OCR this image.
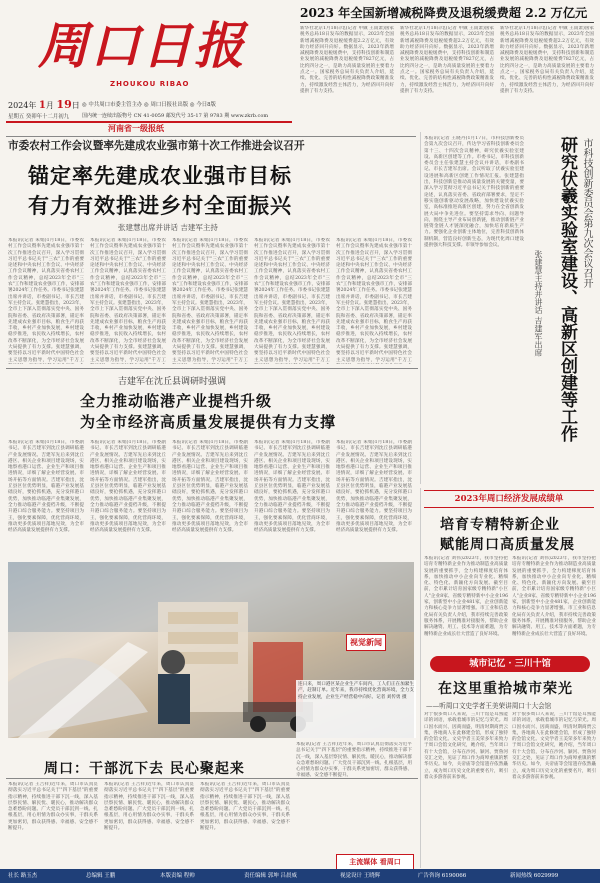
周口日报
ZHOUKOU RIBAO
2024年 1月 19日 ◎ 中共周口市委主管主办 ◎ 周口日报社出版 ◎ 今日8版
星期五 癸卯年十二月初九	国内统一连续出版物号 CN 41-0059 邮发代号 35-17 第 9783 期 www.zkrb.com
河南省一级报纸
2023 年全国新增减税降费及退税缓费超 2.2 万亿元
新华社北京1月18日电(记者 申铖 王雨萧)国家税务总局18日发布的数据显示，2023年全国新增减税降费及退税缓费超2.2万亿元，有效助力经济回升向好。数据显示，2023年新增减税降费及退税缓费中，支持科技创新和制造业发展的减税降费及退税缓费7827亿元，占比约四分之一，是助力高质量发展的主要着力点之一。国家税务总局有关负责人介绍，延续、优化、完善的结构性减税降费政策精准发力，持续激发经营主体活力，为经济回升向好提供了有力支持。
新华社北京1月18日电(记者 申铖 王雨萧)国家税务总局18日发布的数据显示，2023年全国新增减税降费及退税缓费超2.2万亿元，有效助力经济回升向好。数据显示，2023年新增减税降费及退税缓费中，支持科技创新和制造业发展的减税降费及退税缓费7827亿元，占比约四分之一，是助力高质量发展的主要着力点之一。国家税务总局有关负责人介绍，延续、优化、完善的结构性减税降费政策精准发力，持续激发经营主体活力，为经济回升向好提供了有力支持。
新华社北京1月18日电(记者 申铖 王雨萧)国家税务总局18日发布的数据显示，2023年全国新增减税降费及退税缓费超2.2万亿元，有效助力经济回升向好。数据显示，2023年新增减税降费及退税缓费中，支持科技创新和制造业发展的减税降费及退税缓费7827亿元，占比约四分之一，是助力高质量发展的主要着力点之一。国家税务总局有关负责人介绍，延续、优化、完善的结构性减税降费政策精准发力，持续激发经营主体活力，为经济回升向好提供了有力支持。
市委农村工作会议暨率先建成农业强市第十次工作推进会议召开
锚定率先建成农业强市目标
有力有效推进乡村全面振兴
张建慧出席并讲话 吉建军主持
本报讯(记者 朱娟)1月18日，市委农村工作会议暨率先建成农业强市第十次工作推进会议召开，深入学习贯彻习近平总书记关于"三农"工作的重要论述和中央农村工作会议、中央经济工作会议精神，认真落实省委农村工作会议精神，总结2023年全市"三农"工作和建设农业强市工作，安排部署2024年工作任务。市委书记张建慧出席并讲话，市委副书记、市长吉建军主持会议。张建慧指出，2023年，全市上下深入贯彻落实党中央、国务院和省委、省政府决策部署，锚定率先建成农业强市目标，粮食生产再获丰收，乡村产业加快发展，乡村建设稳步推进，农民收入持续增长，农村改革不断深化，为全市经济社会发展大局提供了有力支撑。张建慧强调，要坚持以习近平新时代中国特色社会主义思想为指导，学习运用"千万工
本报讯(记者 朱娟)1月18日，市委农村工作会议暨率先建成农业强市第十次工作推进会议召开，深入学习贯彻习近平总书记关于"三农"工作的重要论述和中央农村工作会议、中央经济工作会议精神，认真落实省委农村工作会议精神，总结2023年全市"三农"工作和建设农业强市工作，安排部署2024年工作任务。市委书记张建慧出席并讲话，市委副书记、市长吉建军主持会议。张建慧指出，2023年，全市上下深入贯彻落实党中央、国务院和省委、省政府决策部署，锚定率先建成农业强市目标，粮食生产再获丰收，乡村产业加快发展，乡村建设稳步推进，农民收入持续增长，农村改革不断深化，为全市经济社会发展大局提供了有力支撑。张建慧强调，要坚持以习近平新时代中国特色社会主义思想为指导，学习运用"千万工
本报讯(记者 朱娟)1月18日，市委农村工作会议暨率先建成农业强市第十次工作推进会议召开，深入学习贯彻习近平总书记关于"三农"工作的重要论述和中央农村工作会议、中央经济工作会议精神，认真落实省委农村工作会议精神，总结2023年全市"三农"工作和建设农业强市工作，安排部署2024年工作任务。市委书记张建慧出席并讲话，市委副书记、市长吉建军主持会议。张建慧指出，2023年，全市上下深入贯彻落实党中央、国务院和省委、省政府决策部署，锚定率先建成农业强市目标，粮食生产再获丰收，乡村产业加快发展，乡村建设稳步推进，农民收入持续增长，农村改革不断深化，为全市经济社会发展大局提供了有力支撑。张建慧强调，要坚持以习近平新时代中国特色社会主义思想为指导，学习运用"千万工
本报讯(记者 朱娟)1月18日，市委农村工作会议暨率先建成农业强市第十次工作推进会议召开，深入学习贯彻习近平总书记关于"三农"工作的重要论述和中央农村工作会议、中央经济工作会议精神，认真落实省委农村工作会议精神，总结2023年全市"三农"工作和建设农业强市工作，安排部署2024年工作任务。市委书记张建慧出席并讲话，市委副书记、市长吉建军主持会议。张建慧指出，2023年，全市上下深入贯彻落实党中央、国务院和省委、省政府决策部署，锚定率先建成农业强市目标，粮食生产再获丰收，乡村产业加快发展，乡村建设稳步推进，农民收入持续增长，农村改革不断深化，为全市经济社会发展大局提供了有力支撑。张建慧强调，要坚持以习近平新时代中国特色社会主义思想为指导，学习运用"千万工
本报讯(记者 朱娟)1月18日，市委农村工作会议暨率先建成农业强市第十次工作推进会议召开，深入学习贯彻习近平总书记关于"三农"工作的重要论述和中央农村工作会议、中央经济工作会议精神，认真落实省委农村工作会议精神，总结2023年全市"三农"工作和建设农业强市工作，安排部署2024年工作任务。市委书记张建慧出席并讲话，市委副书记、市长吉建军主持会议。张建慧指出，2023年，全市上下深入贯彻落实党中央、国务院和省委、省政府决策部署，锚定率先建成农业强市目标，粮食生产再获丰收，乡村产业加快发展，乡村建设稳步推进，农民收入持续增长，农村改革不断深化，为全市经济社会发展大局提供了有力支撑。张建慧强调，要坚持以习近平新时代中国特色社会主义思想为指导，学习运用"千万工
本报讯(记者 王晓丹)1月17日，市科技创新委员会第九次会议召开，传达学习省科技创新委员会第十三、十四次会议精神，研究伏羲实验室建设、高新区创建等工作。市委书记、市科技创新委员会主任张建慧主持会议并讲话，市委副书记、市长吉建军出席。会议听取了伏羲实验室建设进展和高新区创建工作情况汇报。张建慧指出，科技创新是推动高质量发展的关键变量，要深入学习贯彻习近平总书记关于科技创新的重要论述，认真落实省委、省政府部署要求，坚定不移实施创新驱动发展战略，加快建设伏羲实验室，高标准推进高新区创建，努力在全省创新发展大局中争先进位。要坚持需求导向、问题导向，围绕主导产业布局创新链，推动创新链产业链资金链人才链深度融合，加快培育新质生产力。要强化企业创新主体地位，完善科技创新体制机制，营造良好创新生态，为现代化周口建设提供强大科技支撑。市领导参加会议。	研究伏羲实验室建设、高新区创建等工作 市科技创新委员会第九次会议召开
张建慧主持并讲话 吉建军出席
吉建军在沈丘县调研时强调
全力推动临港产业提档升级
为全市经济高质量发展提供有力支撑
本报讯(记者 朱娟)1月18日，市委副书记、市长吉建军到沈丘县调研临港产业发展情况。吉建军先后来到沈丘港区、相关企业和项目建设现场，实地察看港口运营、企业生产和项目推进情况，详细了解企业经营发展、市场开拓等方面情况。吉建军指出，沈丘县区位优势明显，临港产业发展基础良好，要抢抓机遇，充分发挥港口优势，加快推动临港产业集聚发展，全力推动临港产业提档升级，不断提升港口综合服务能力。要坚持项目为王，强化要素保障，优化营商环境，推动更多优质项目落地见效，为全市经济高质量发展提供有力支撑。
本报讯(记者 朱娟)1月18日，市委副书记、市长吉建军到沈丘县调研临港产业发展情况。吉建军先后来到沈丘港区、相关企业和项目建设现场，实地察看港口运营、企业生产和项目推进情况，详细了解企业经营发展、市场开拓等方面情况。吉建军指出，沈丘县区位优势明显，临港产业发展基础良好，要抢抓机遇，充分发挥港口优势，加快推动临港产业集聚发展，全力推动临港产业提档升级，不断提升港口综合服务能力。要坚持项目为王，强化要素保障，优化营商环境，推动更多优质项目落地见效，为全市经济高质量发展提供有力支撑。
本报讯(记者 朱娟)1月18日，市委副书记、市长吉建军到沈丘县调研临港产业发展情况。吉建军先后来到沈丘港区、相关企业和项目建设现场，实地察看港口运营、企业生产和项目推进情况，详细了解企业经营发展、市场开拓等方面情况。吉建军指出，沈丘县区位优势明显，临港产业发展基础良好，要抢抓机遇，充分发挥港口优势，加快推动临港产业集聚发展，全力推动临港产业提档升级，不断提升港口综合服务能力。要坚持项目为王，强化要素保障，优化营商环境，推动更多优质项目落地见效，为全市经济高质量发展提供有力支撑。
本报讯(记者 朱娟)1月18日，市委副书记、市长吉建军到沈丘县调研临港产业发展情况。吉建军先后来到沈丘港区、相关企业和项目建设现场，实地察看港口运营、企业生产和项目推进情况，详细了解企业经营发展、市场开拓等方面情况。吉建军指出，沈丘县区位优势明显，临港产业发展基础良好，要抢抓机遇，充分发挥港口优势，加快推动临港产业集聚发展，全力推动临港产业提档升级，不断提升港口综合服务能力。要坚持项目为王，强化要素保障，优化营商环境，推动更多优质项目落地见效，为全市经济高质量发展提供有力支撑。
本报讯(记者 朱娟)1月18日，市委副书记、市长吉建军到沈丘县调研临港产业发展情况。吉建军先后来到沈丘港区、相关企业和项目建设现场，实地察看港口运营、企业生产和项目推进情况，详细了解企业经营发展、市场开拓等方面情况。吉建军指出，沈丘县区位优势明显，临港产业发展基础良好，要抢抓机遇，充分发挥港口优势，加快推动临港产业集聚发展，全力推动临港产业提档升级，不断提升港口综合服务能力。要坚持项目为王，强化要素保障，优化营商环境，推动更多优质项目落地见效，为全市经济高质量发展提供有力支撑。
视觉新闻
连日来，周口港区某企业生产车间内，工人们正在加紧生产，赶制订单。近年来，我市持续优化营商环境，全力支持企业发展，企业生产经营稳中向好。记者 刘传勇 摄
周口：干部沉下去 民心聚起来
本报讯(记者 王吉祥)近年来，周口市认真贯彻落实习近平总书记关于"四下基层"的重要指示精神，持续推进干部下沉一线，深入基层察民情、解民忧、暖民心，推动解决群众急难愁盼问题。广大党员干部沉到一线、扎根基层，用心用情为群众办实事，干群关系更加密切，群众获得感、幸福感、安全感不断提升。
本报讯(记者 王吉祥)近年来，周口市认真贯彻落实习近平总书记关于"四下基层"的重要指示精神，持续推进干部下沉一线，深入基层察民情、解民忧、暖民心，推动解决群众急难愁盼问题。广大党员干部沉到一线、扎根基层，用心用情为群众办实事，干群关系更加密切，群众获得感、幸福感、安全感不断提升。
本报讯(记者 王吉祥)近年来，周口市认真贯彻落实习近平总书记关于"四下基层"的重要指示精神，持续推进干部下沉一线，深入基层察民情、解民忧、暖民心，推动解决群众急难愁盼问题。广大党员干部沉到一线、扎根基层，用心用情为群众办实事，干群关系更加密切，群众获得感、幸福感、安全感不断提升。
本报讯(记者 王吉祥)近年来，周口市认真贯彻落实习近平总书记关于"四下基层"的重要指示精神，持续推进干部下沉一线，深入基层察民情、解民忧、暖民心，推动解决群众急难愁盼问题。广大党员干部沉到一线、扎根基层，用心用情为群众办实事，干群关系更加密切，群众获得感、幸福感、安全感不断提升。
主流媒体 看周口
2023年周口经济发展成绩单
培育专精特新企业
赋能周口高质量发展
本报讯(记者 刘伟)2023年，我市坚持把培育专精特新企业作为推动制造业高质量发展的重要抓手，全力构建梯度培育体系，加快推动中小企业向专业化、精细化、特色化、新颖化方向发展。截至目前，全市累计培育国家级专精特新"小巨人"企业8家、省级专精特新中小企业196家，创新型中小企业481家，企业创新能力和核心竞争力显著增强。市工业和信息化局有关负责人介绍，我市持续完善政策服务体系，开展精准对接服务，帮助企业解决融资、用工、技术等方面难题，为专精特新企业成长壮大营造了良好环境。
本报讯(记者 刘伟)2023年，我市坚持把培育专精特新企业作为推动制造业高质量发展的重要抓手，全力构建梯度培育体系，加快推动中小企业向专业化、精细化、特色化、新颖化方向发展。截至目前，全市累计培育国家级专精特新"小巨人"企业8家、省级专精特新中小企业196家，创新型中小企业481家，企业创新能力和核心竞争力显著增强。市工业和信息化局有关负责人介绍，我市持续完善政策服务体系，开展精准对接服务，帮助企业解决融资、用工、技术等方面难题，为专精特新企业成长壮大营造了良好环境。
城市记忆 · 三川十馆
在这里重拾城市荣光
——听周口文史学者王美荣讲周口十大会馆
对于很多周口人来说，三川十馆是耳熟能详的词语，承载着城市的记忆与荣光。周口因水而兴、因商而盛，明清时期商贾云集，各地商人在此修建会馆，形成了独特的会馆文化。文史学者王美荣多年来致力于周口会馆文化研究，她介绍，当年周口有十大会馆，分布在沙河、颍河、贾鲁河交汇之处，见证了周口作为商埠重镇的繁华历史。如今，关帝庙等会馆遗存依然矗立，成为周口历史文化的重要名片，吸引着众多游客前来参观。
对于很多周口人来说，三川十馆是耳熟能详的词语，承载着城市的记忆与荣光。周口因水而兴、因商而盛，明清时期商贾云集，各地商人在此修建会馆，形成了独特的会馆文化。文史学者王美荣多年来致力于周口会馆文化研究，她介绍，当年周口有十大会馆，分布在沙河、颍河、贾鲁河交汇之处，见证了周口作为商埠重镇的繁华历史。如今，关帝庙等会馆遗存依然矗立，成为周口历史文化的重要名片，吸引着众多游客前来参观。
社长 路玉杰	总编辑 王鹏	本版责编 程帅	责任编辑 郭坤 吕晨威	视觉设计 王晓辉	广告咨询 6190066	新闻热线 6029999
